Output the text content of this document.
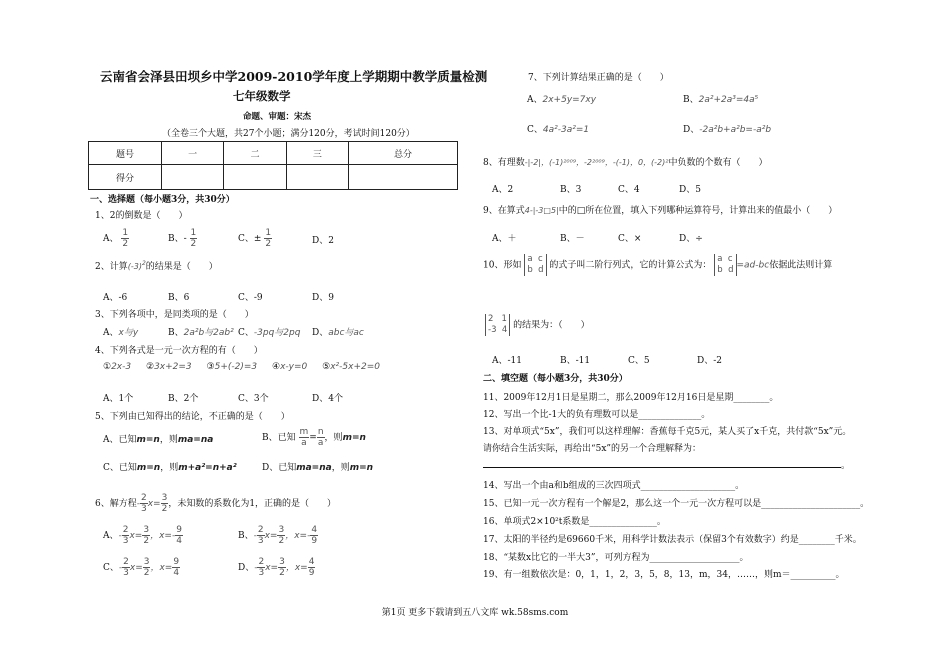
云南省会泽县田坝乡中学2009-2010学年度上学期期中教学质量检测
七年级数学
命题、审题：宋杰
（全卷三个大题，共27个小题；满分120分，考试时间120分）
题号	一	二	三	总分
得分				
一、选择题（每小题3分，共30分）
1、2的倒数是（　　）
A、 $\frac{1}{2}$	B、- $\frac{1}{2}$	C、± $\frac{1}{2}$	D、2
2、计算$(-3)^2$的结果是（　　）
A、-6	B、6	C、-9	D、9
3、下列各项中，是同类项的是（　　）
A、x与y	B、2a²b与2ab² C、-3pq与2pq D、abc与ac
4、下列各式是一元一次方程的有（　　）
①2x-3 ②3x+2=3 ③5+(-2)=3 ④x-y=0 ⑤x²-5x+2=0
A、1个	B、2个	C、3个	D、4个
5、下列由已知得出的结论，不正确的是（　　）
A、已知m=n，则ma=na	B、已知 $\frac{m}{a} = \frac{n}{a}$ ，则m=n
C、已知m=n，则m+a²=n+a²	D、已知ma=na，则m=n
6、解方程- $\frac{2}{3} x= \frac{3}{2}$ ，未知数的系数化为1，正确的是（　　）
A、- $\frac{2}{3} x= \frac{3}{2}$ ，$x=- \frac{9}{4}$	B、- $\frac{2}{3} x= \frac{3}{2}$ ，$x=- \frac{4}{9}$
C、- $\frac{2}{3} x= \frac{3}{2}$ ，$x= \frac{9}{4}$	D、- $\frac{2}{3} x= \frac{3}{2}$ ，$x= \frac{4}{9}$
7、下列计算结果正确的是（　　）
A、2x+5y=7xy	B、2a²+2a³=4a⁵
C、4a²-3a²=1	D、-2a²b+a²b=-a²b
8、有理数-|-2|，(-1)²⁰⁰⁹，-2²⁰⁰⁹，-(-1)，0，(-2)²中负数的个数有（　　）
A、2	B、3	C、4	D、5
9、在算式4-|-3□5|中的□所在位置，填入下列哪种运算符号，计算出来的值最小（　　）
A、＋	B、－	C、×	D、÷
10、形如 a  c
b  d 的式子叫二阶行列式，它的计算公式为： a  c
b  d =ad-bc依据此法则计算
2   1
-3  4 的结果为：（　　）
A、-11	B、-11	C、5	D、-2
二、填空题（每小题3分，共30分）
11、2009年12月1日是星期二，那么2009年12月16日是星期________。
12、写出一个比-1大的负有理数可以是______________。
13、对单项式“5x”，我们可以这样理解：香蕉每千克5元，某人买了x千克，共付款“5x”元。
请你结合生活实际，再给出“5x”的另一个合理解释为：
。
14、写出一个由a和b组成的三次四项式_____________________。
15、已知一元一次方程有一个解是2，那么这一个一元一次方程可以是______________________。
16、单项式2×10²t系数是_______________。
17、太阳的半径约是69660千米，用科学计数法表示（保留3个有效数字）约是________千米。
18、“某数x比它的一半大3”，可列方程为____________________。
19、有一组数依次是：0，1，1，2，3，5，8，13，m，34，……，则m＝__________。
第1页 更多下载请到五八文库 wk.58sms.com
